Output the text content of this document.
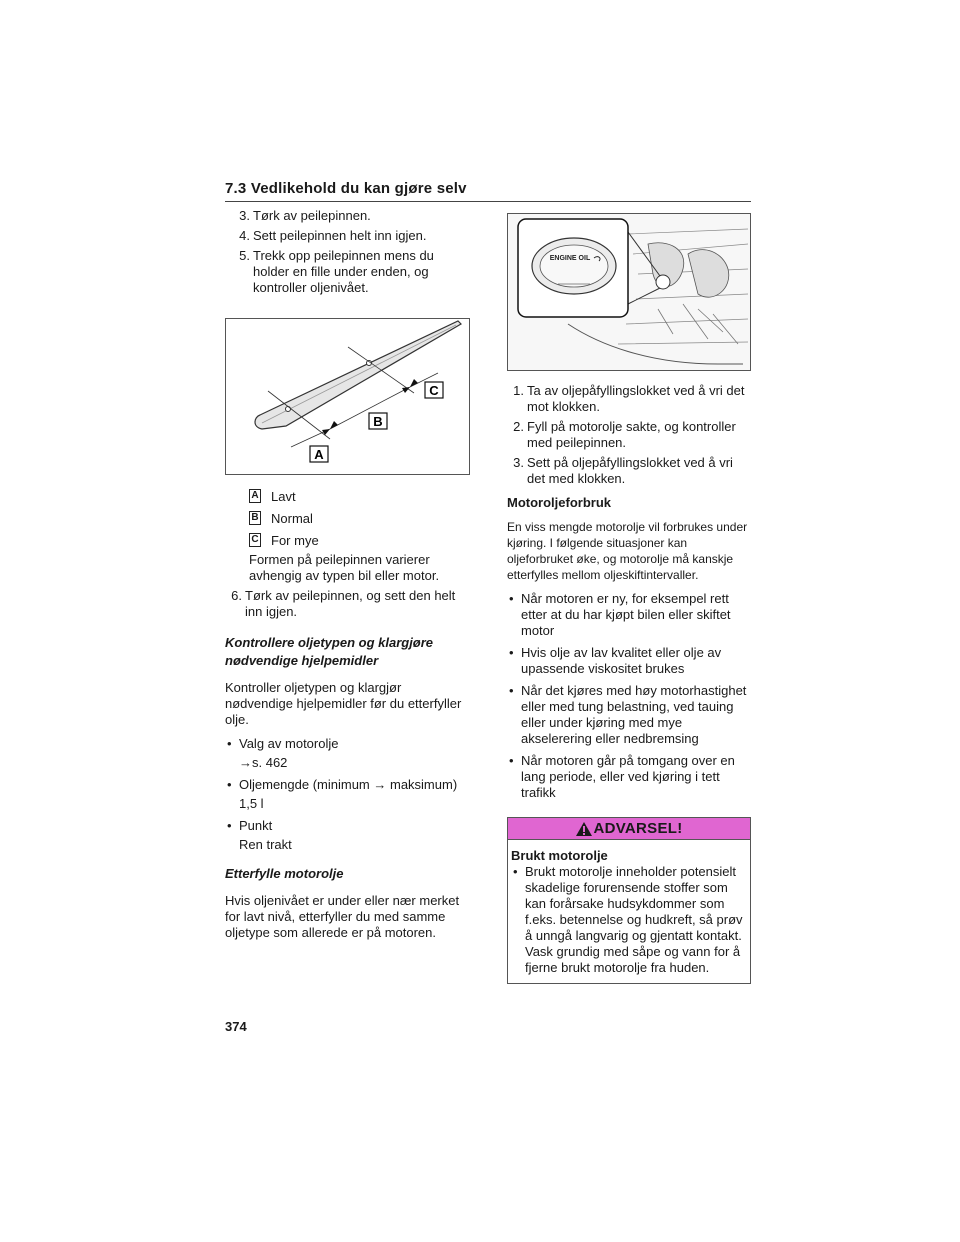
7.3 Vedlikehold du kan gjøre selv
3. Tørk av peilepinnen.
4. Sett peilepinnen helt inn igjen.
5. Trekk opp peilepinnen mens du holder en fille under enden, og kontroller oljenivået.
A
B
C
A Lavt
B Normal
C For mye
Formen på peilepinnen varierer avhengig av typen bil eller motor.
6. Tørk av peilepinnen, og sett den helt inn igjen.
Kontrollere oljetypen og klargjøre nødvendige hjelpemidler
Kontroller oljetypen og klargjør nødvendige hjelpemidler før du etterfyller olje.
• Valg av motorolje
→s. 462
• Oljemengde (minimum → maksimum)
1,5 l
• Punkt
Ren trakt
Etterfylle motorolje
Hvis oljenivået er under eller nær merket for lavt nivå, etterfyller du med samme oljetype som allerede er på motoren.
ENGINE OIL
1. Ta av oljepåfyllingslokket ved å vri det mot klokken.
2. Fyll på motorolje sakte, og kontroller med peilepinnen.
3. Sett på oljepåfyllingslokket ved å vri det med klokken.
Motoroljeforbruk
En viss mengde motorolje vil forbrukes under kjøring. I følgende situasjoner kan oljeforbruket øke, og motorolje må kanskje etterfylles mellom oljeskiftintervaller.
• Når motoren er ny, for eksempel rett etter at du har kjøpt bilen eller skiftet motor
• Hvis olje av lav kvalitet eller olje av upassende viskositet brukes
• Når det kjøres med høy motorhastighet eller med tung belastning, ved tauing eller under kjøring med mye akselerering eller nedbremsing
• Når motoren går på tomgang over en lang periode, eller ved kjøring i tett trafikk
ADVARSEL!
Brukt motorolje
• Brukt motorolje inneholder potensielt skadelige forurensende stoffer som kan forårsake hudsykdommer som f.eks. betennelse og hudkreft, så prøv å unngå langvarig og gjentatt kontakt. Vask grundig med såpe og vann for å fjerne brukt motorolje fra huden.
374
